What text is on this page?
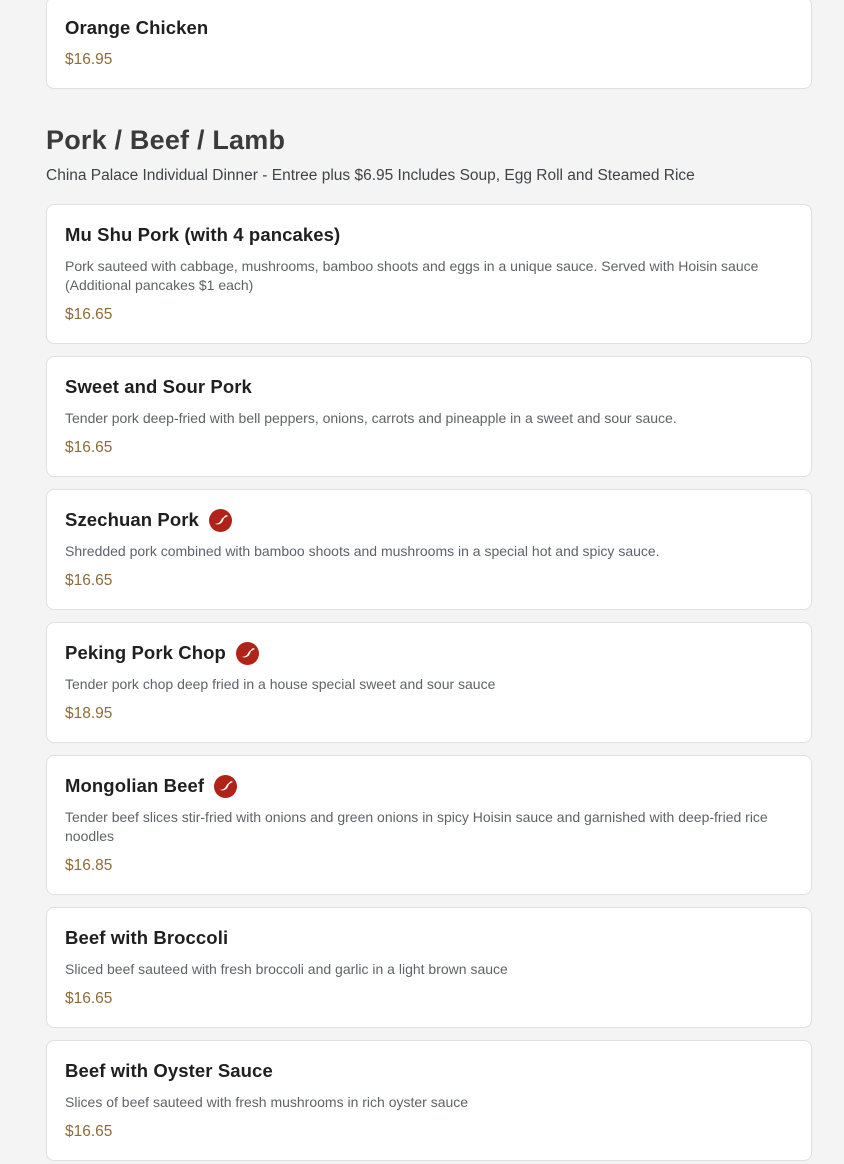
Orange Chicken
$16.95
Pork / Beef / Lamb

China Palace Individual Dinner - Entree plus $6.95 Includes Soup, Egg Roll and Steamed Rice

Mu Shu Pork (with 4 pancakes)
Pork sauteed with cabbage, mushrooms, bamboo shoots and eggs in a unique sauce. Served with Hoisin sauce (Additional pancakes $1 each)
$16.65
Sweet and Sour Pork
Tender pork deep-fried with bell peppers, onions, carrots and pineapple in a sweet and sour sauce.
$16.65
Szechuan Pork
Shredded pork combined with bamboo shoots and mushrooms in a special hot and spicy sauce.
$16.65
Peking Pork Chop
Tender pork chop deep fried in a house special sweet and sour sauce
$18.95
Mongolian Beef
Tender beef slices stir-fried with onions and green onions in spicy Hoisin sauce and garnished with deep-fried rice noodles
$16.85
Beef with Broccoli
Sliced beef sauteed with fresh broccoli and garlic in a light brown sauce
$16.65
Beef with Oyster Sauce
Slices of beef sauteed with fresh mushrooms in rich oyster sauce
$16.65
